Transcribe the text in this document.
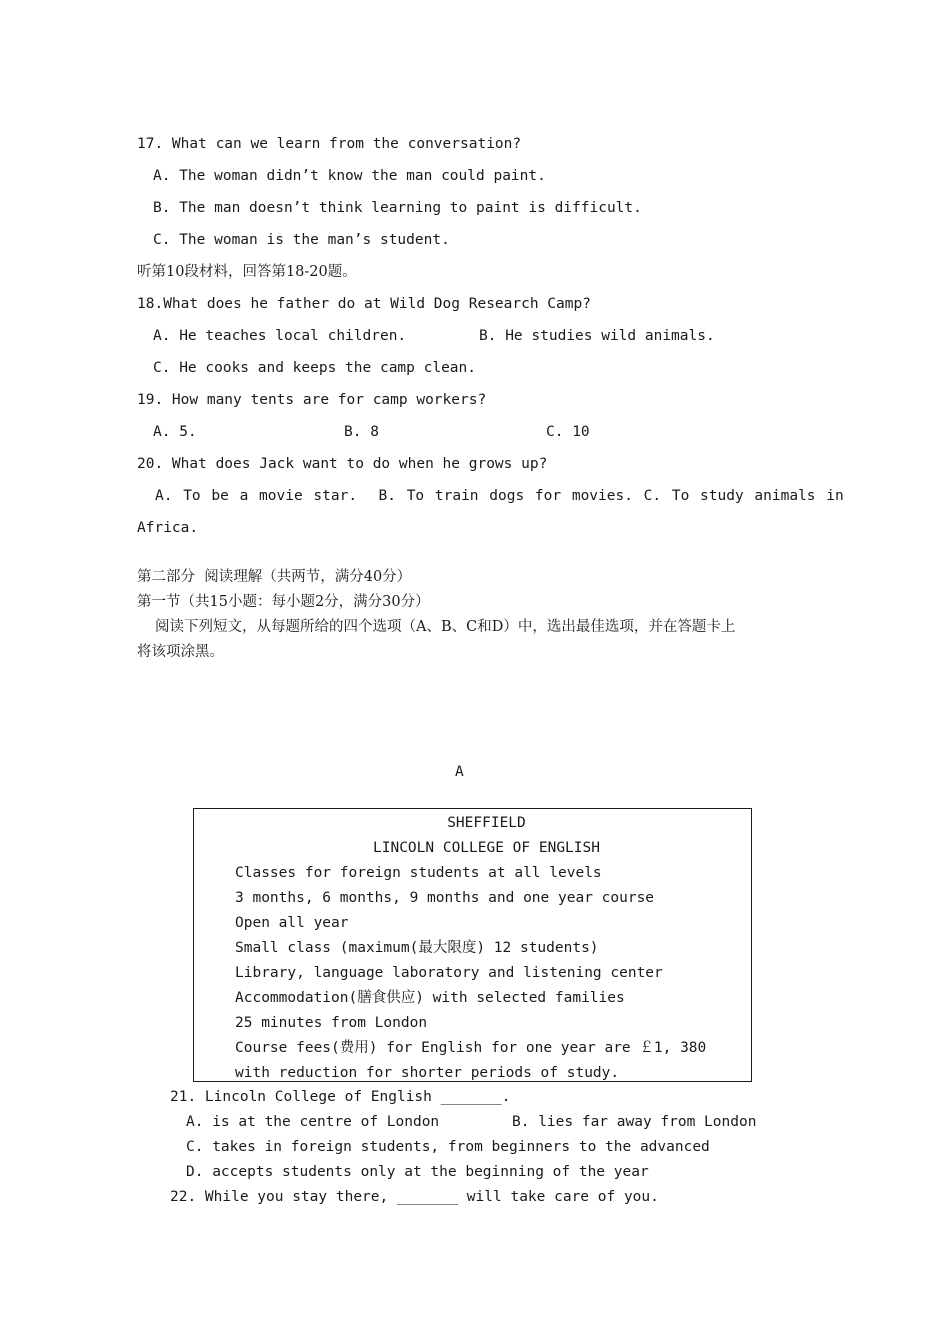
17. What can we learn from the conversation?
A. The woman didn’t know the man could paint.
B. The man doesn’t think learning to paint is difficult.
C. The woman is the man’s student.
听第10段材料，回答第18-20题。
18.What does he father do at Wild Dog Research Camp?
A. He teaches local children.	B. He studies wild animals.
C. He cooks and keeps the camp clean.
19. How many tents are for camp workers?
A. 5.	B. 8	C. 10
20. What does Jack want to do when he grows up?
A. To be a movie star.  B. To train dogs for movies. C. To study animals in
Africa.
第二部分  阅读理解（共两节，满分40分）
第一节（共15小题：每小题2分，满分30分）
阅读下列短文，从每题所给的四个选项（A、B、C和D）中，选出最佳选项，并在答题卡上
将该项涂黑。
A
SHEFFIELD
LINCOLN COLLEGE OF ENGLISH
Classes for foreign students at all levels
3 months, 6 months, 9 months and one year course
Open all year
Small class (maximum(最大限度) 12 students)
Library, language laboratory and listening center
Accommodation(膳食供应) with selected families
25 minutes from London
Course fees(费用) for English for one year are ￡1, 380
with reduction for shorter periods of study.
21. Lincoln College of English _______.
A. is at the centre of London	B. lies far away from London
C. takes in foreign students, from beginners to the advanced
D. accepts students only at the beginning of the year
22. While you stay there, _______ will take care of you.
